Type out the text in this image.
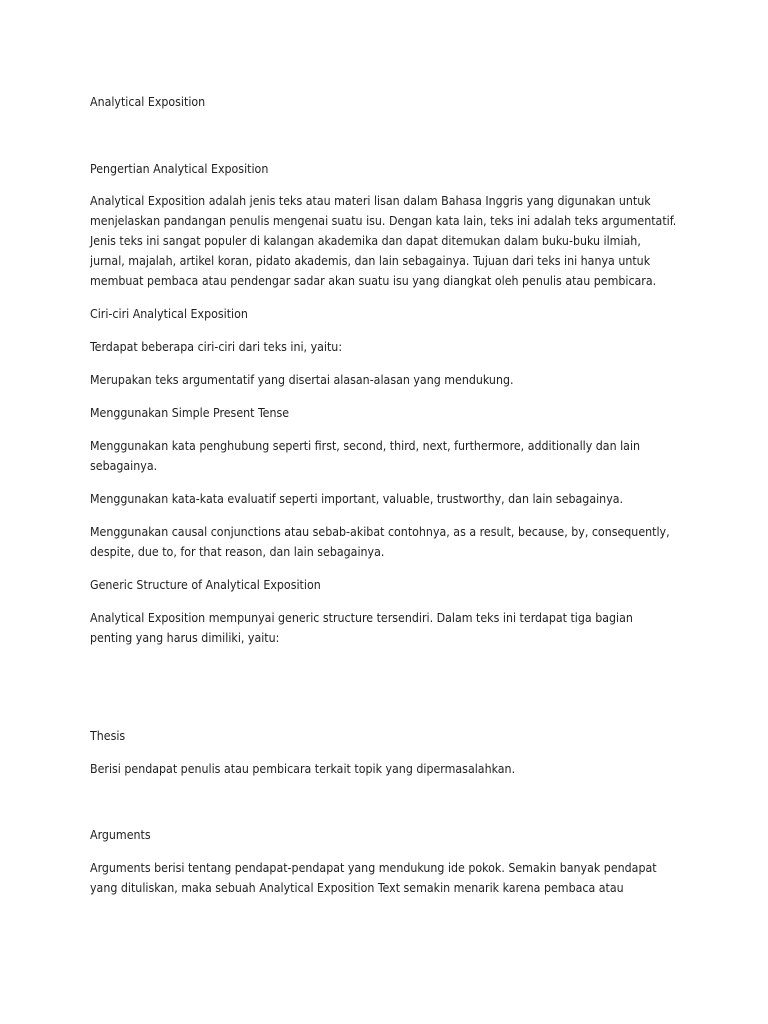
Analytical Exposition

Pengertian Analytical Exposition

Analytical Exposition adalah jenis teks atau materi lisan dalam Bahasa Inggris yang digunakan untuk

menjelaskan pandangan penulis mengenai suatu isu. Dengan kata lain, teks ini adalah teks argumentatif.

Jenis teks ini sangat populer di kalangan akademika dan dapat ditemukan dalam buku-buku ilmiah,

jurnal, majalah, artikel koran, pidato akademis, dan lain sebagainya. Tujuan dari teks ini hanya untuk

membuat pembaca atau pendengar sadar akan suatu isu yang diangkat oleh penulis atau pembicara.

Ciri-ciri Analytical Exposition

Terdapat beberapa ciri-ciri dari teks ini, yaitu:

Merupakan teks argumentatif yang disertai alasan-alasan yang mendukung.

Menggunakan Simple Present Tense

Menggunakan kata penghubung seperti first, second, third, next, furthermore, additionally dan lain

sebagainya.

Menggunakan kata-kata evaluatif seperti important, valuable, trustworthy, dan lain sebagainya.

Menggunakan causal conjunctions atau sebab-akibat contohnya, as a result, because, by, consequently,

despite, due to, for that reason, dan lain sebagainya.

Generic Structure of Analytical Exposition

Analytical Exposition mempunyai generic structure tersendiri. Dalam teks ini terdapat tiga bagian

penting yang harus dimiliki, yaitu:

Thesis

Berisi pendapat penulis atau pembicara terkait topik yang dipermasalahkan.

Arguments

Arguments berisi tentang pendapat-pendapat yang mendukung ide pokok. Semakin banyak pendapat

yang dituliskan, maka sebuah Analytical Exposition Text semakin menarik karena pembaca atau
